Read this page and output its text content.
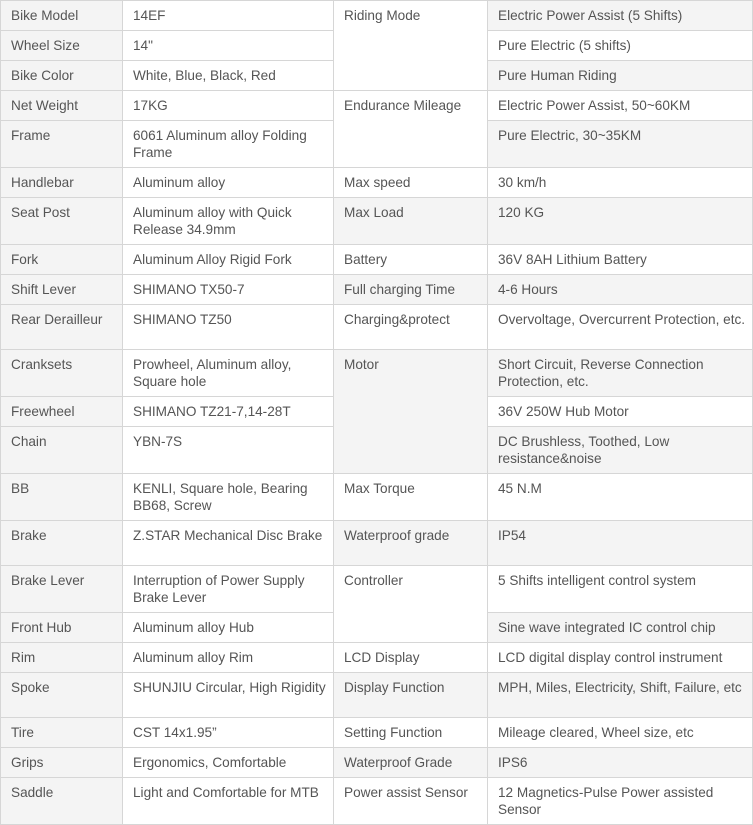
Bike Model	14EF	Riding Mode	Electric Power Assist (5 Shifts)
Wheel Size	14"		Pure Electric (5 shifts)
Bike Color	White, Blue, Black, Red		Pure Human Riding
Net Weight	17KG	Endurance Mileage	Electric Power Assist, 50~60KM
Frame	6061 Aluminum alloy Folding Frame		Pure Electric, 30~35KM
Handlebar	Aluminum alloy	Max speed	30 km/h
Seat Post	Aluminum alloy with Quick Release 34.9mm	Max Load	120 KG
Fork	Aluminum Alloy Rigid Fork	Battery	36V 8AH Lithium Battery
Shift Lever	SHIMANO TX50-7	Full charging Time	4-6 Hours
Rear Derailleur	SHIMANO TZ50	Charging&protect	Overvoltage, Overcurrent Protection, etc.
Cranksets	Prowheel, Aluminum alloy, Square hole	Motor	Short Circuit, Reverse Connection Protection, etc.
Freewheel	SHIMANO TZ21-7,14-28T		36V 250W Hub Motor
Chain	YBN-7S		DC Brushless, Toothed, Low resistance&noise
BB	KENLI, Square hole, Bearing BB68, Screw	Max Torque	45 N.M
Brake	Z.STAR Mechanical Disc Brake	Waterproof grade	IP54
Brake Lever	Interruption of Power Supply Brake Lever	Controller	5 Shifts intelligent control system
Front Hub	Aluminum alloy Hub		Sine wave integrated IC control chip
Rim	Aluminum alloy Rim	LCD Display	LCD digital display control instrument
Spoke	SHUNJIU Circular, High Rigidity	Display Function	MPH, Miles, Electricity, Shift, Failure, etc
Tire	CST 14x1.95”	Setting Function	Mileage cleared, Wheel size, etc
Grips	Ergonomics, Comfortable	Waterproof Grade	IPS6
Saddle	Light and Comfortable for MTB	Power assist Sensor	12 Magnetics-Pulse Power assisted Sensor
